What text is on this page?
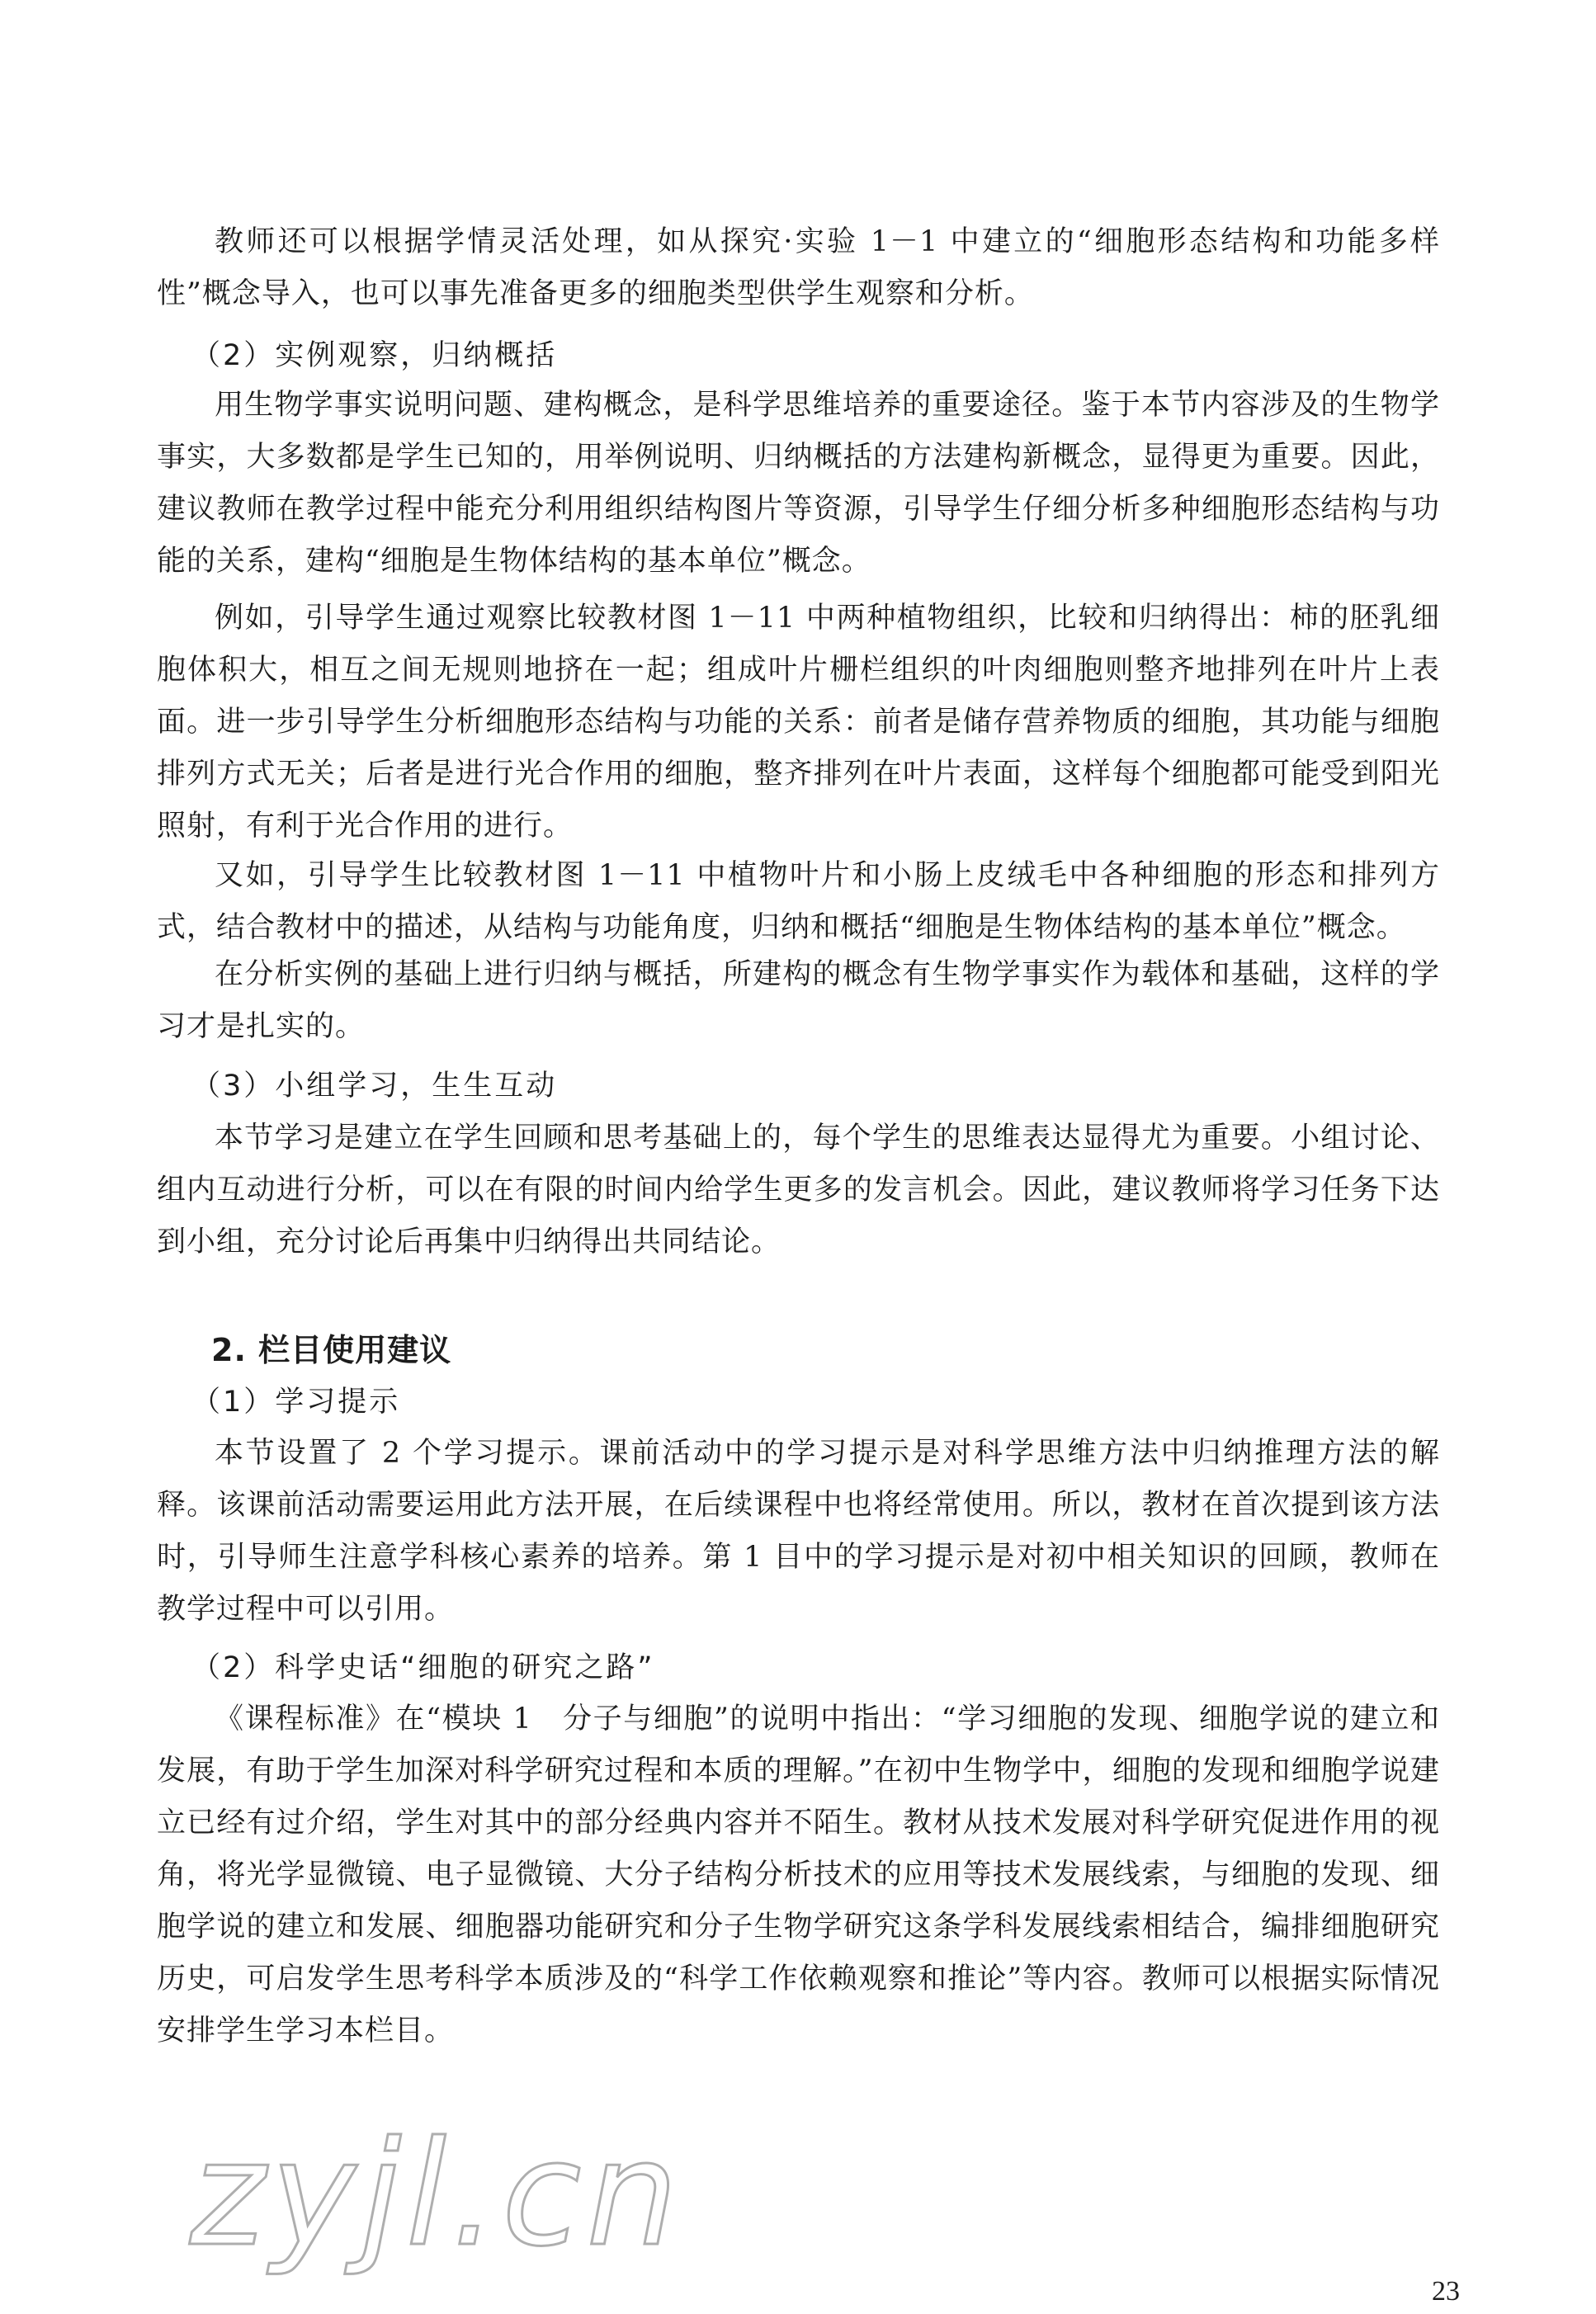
教师还可以根据学情灵活处理，如从探究·实验 1－1 中建立的“细胞形态结构和功能多样性”概念导入，也可以事先准备更多的细胞类型供学生观察和分析。

（2）实例观察，归纳概括

用生物学事实说明问题、建构概念，是科学思维培养的重要途径。鉴于本节内容涉及的生物学事实，大多数都是学生已知的，用举例说明、归纳概括的方法建构新概念，显得更为重要。因此，建议教师在教学过程中能充分利用组织结构图片等资源，引导学生仔细分析多种细胞形态结构与功能的关系，建构“细胞是生物体结构的基本单位”概念。

例如，引导学生通过观察比较教材图 1－11 中两种植物组织，比较和归纳得出：柿的胚乳细胞体积大，相互之间无规则地挤在一起；组成叶片栅栏组织的叶肉细胞则整齐地排列在叶片上表面。进一步引导学生分析细胞形态结构与功能的关系：前者是储存营养物质的细胞，其功能与细胞排列方式无关；后者是进行光合作用的细胞，整齐排列在叶片表面，这样每个细胞都可能受到阳光照射，有利于光合作用的进行。

又如，引导学生比较教材图 1－11 中植物叶片和小肠上皮绒毛中各种细胞的形态和排列方式，结合教材中的描述，从结构与功能角度，归纳和概括“细胞是生物体结构的基本单位”概念。

在分析实例的基础上进行归纳与概括，所建构的概念有生物学事实作为载体和基础，这样的学习才是扎实的。

（3）小组学习，生生互动

本节学习是建立在学生回顾和思考基础上的，每个学生的思维表达显得尤为重要。小组讨论、组内互动进行分析，可以在有限的时间内给学生更多的发言机会。因此，建议教师将学习任务下达到小组，充分讨论后再集中归纳得出共同结论。

2. 栏目使用建议
（1）学习提示

本节设置了 2 个学习提示。课前活动中的学习提示是对科学思维方法中归纳推理方法的解释。该课前活动需要运用此方法开展，在后续课程中也将经常使用。所以，教材在首次提到该方法时，引导师生注意学科核心素养的培养。第 1 目中的学习提示是对初中相关知识的回顾，教师在教学过程中可以引用。

（2）科学史话“细胞的研究之路”

《课程标准》在“模块 1　分子与细胞”的说明中指出：“学习细胞的发现、细胞学说的建立和发展，有助于学生加深对科学研究过程和本质的理解。”在初中生物学中，细胞的发现和细胞学说建立已经有过介绍，学生对其中的部分经典内容并不陌生。教材从技术发展对科学研究促进作用的视角，将光学显微镜、电子显微镜、大分子结构分析技术的应用等技术发展线索，与细胞的发现、细胞学说的建立和发展、细胞器功能研究和分子生物学研究这条学科发展线索相结合，编排细胞研究历史，可启发学生思考科学本质涉及的“科学工作依赖观察和推论”等内容。教师可以根据实际情况安排学生学习本栏目。

zyjl.cn
23
